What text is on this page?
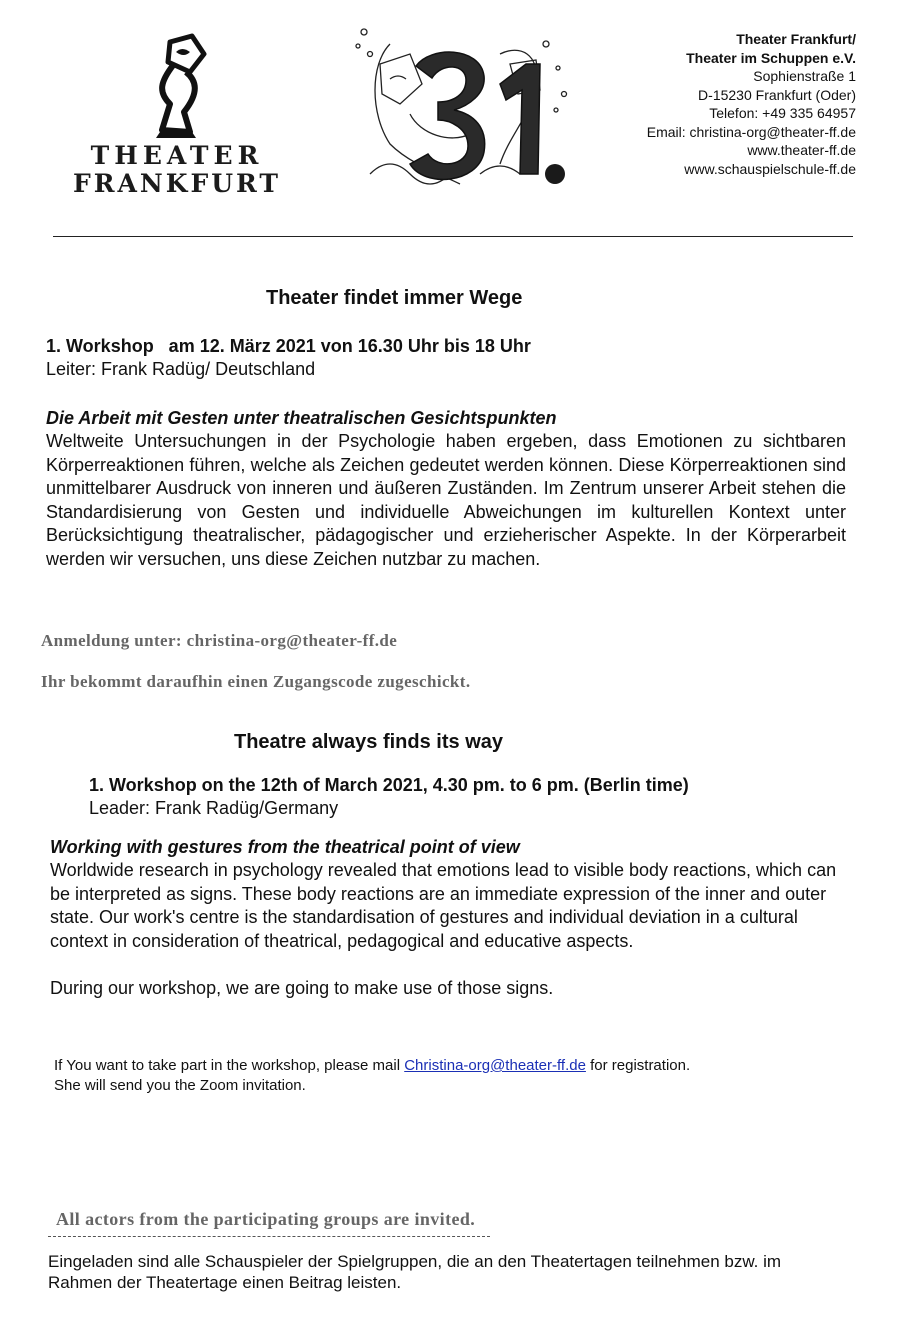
THEATER
FRANKFURT
Theater Frankfurt/
Theater im Schuppen e.V.
Sophienstraße 1
D-15230 Frankfurt (Oder)
Telefon: +49 335 64957
Email: christina-org@theater-ff.de
www.theater-ff.de
www.schauspielschule-ff.de
Theater findet immer Wege
1. Workshop   am 12. März 2021 von 16.30 Uhr bis 18 Uhr
Leiter: Frank Radüg/ Deutschland
Die Arbeit mit Gesten unter theatralischen Gesichtspunkten
Weltweite Untersuchungen in der Psychologie haben ergeben, dass Emotionen zu sichtbaren Körperreaktionen führen, welche als Zeichen gedeutet werden können. Diese Körperreaktionen sind unmittelbarer Ausdruck von inneren und äußeren Zuständen. Im Zentrum unserer Arbeit stehen die Standardisierung von Gesten und individuelle Abweichungen im kulturellen Kontext unter Berücksichtigung theatralischer, pädagogischer und erzieherischer Aspekte. In der Körperarbeit werden wir versuchen, uns diese Zeichen nutzbar zu machen.
Anmeldung unter: christina-org@theater-ff.de
Ihr bekommt daraufhin einen Zugangscode zugeschickt.
Theatre always finds its way
1. Workshop on the 12th of March 2021, 4.30 pm. to 6 pm. (Berlin time)
Leader: Frank Radüg/Germany
Working with gestures from the theatrical point of view
Worldwide research in psychology revealed that emotions lead to visible body reactions, which can be interpreted as signs. These body reactions are an immediate expression of the inner and outer state. Our work's centre is the standardisation of gestures and individual deviation in a cultural context in consideration of theatrical, pedagogical and educative aspects.
During our workshop, we are going to make use of those signs.
If You want to take part in the workshop, please mail Christina-org@theater-ff.de for registration.
She will send you the Zoom invitation.
All actors from the participating groups are invited.
Eingeladen sind alle Schauspieler der Spielgruppen, die an den Theatertagen teilnehmen bzw. im Rahmen der Theatertage einen Beitrag leisten.
